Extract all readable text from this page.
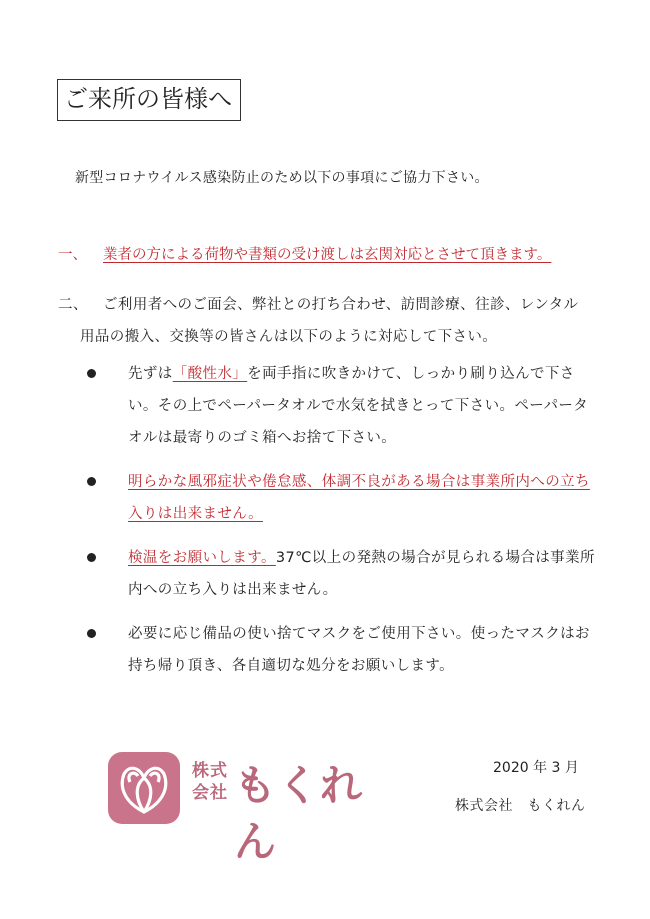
ご来所の皆様へ
新型コロナウイルス感染防止のため以下の事項にご協力下さい。
一、 業者の方による荷物や書類の受け渡しは玄関対応とさせて頂きます。
二、 ご利用者へのご面会、弊社との打ち合わせ、訪問診療、往診、レンタル
用品の搬入、交換等の皆さんは以下のように対応して下さい。
先ずは「酸性水」を両手指に吹きかけて、しっかり刷り込んで下さい。その上でペーパータオルで水気を拭きとって下さい。ペーパータオルは最寄りのゴミ箱へお捨て下さい。
明らかな風邪症状や倦怠感、体調不良がある場合は事業所内への立ち入りは出来ません。
検温をお願いします。37℃以上の発熱の場合が見られる場合は事業所内への立ち入りは出来ません。
必要に応じ備品の使い捨てマスクをご使用下さい。使ったマスクはお持ち帰り頂き、各自適切な処分をお願いします。
株式会社 もくれん
2020 年 3 月
株式会社　もくれん
